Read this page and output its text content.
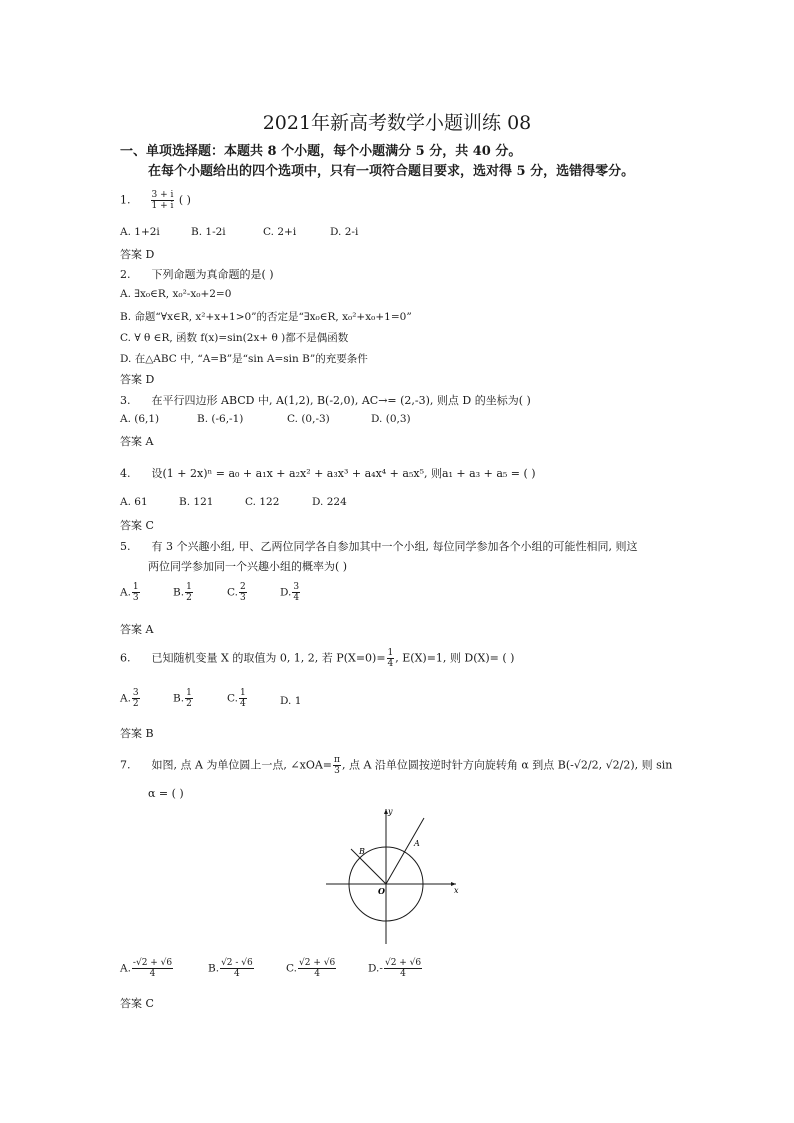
2021年新高考数学小题训练 08
一、单项选择题：本题共 8 个小题，每个小题满分 5 分，共 40 分。
在每个小题给出的四个选项中，只有一项符合题目要求，选对得 5 分，选错得零分。
1. $\frac{3 + i}{1 + i}$ ( )
A. 1+2i	B. 1-2i	C. 2+i	D. 2-i
答案 D
2. 下列命题为真命题的是( )
A. ∃x₀∈R, x₀²-x₀+2=0
B. 命题“∀x∈R, x²+x+1>0”的否定是“∃x₀∈R, x₀²+x₀+1=0”
C. ∀ θ ∈R, 函数 f(x)=sin(2x+ θ )都不是偶函数
D. 在△ABC 中, “A=B”是“sin A=sin B”的充要条件
答案 D
3. 在平行四边形 ABCD 中, A(1,2), B(-2,0), AC→= (2,-3), 则点 D 的坐标为( )
A. (6,1)	B. (-6,-1)	C. (0,-3)	D. (0,3)
答案 A
4. 设(1 + 2x)ⁿ = a₀ + a₁x + a₂x² + a₃x³ + a₄x⁴ + a₅x⁵, 则a₁ + a₃ + a₅ = ( )
A. 61	B. 121	C. 122	D. 224
答案 C
5. 有 3 个兴趣小组, 甲、乙两位同学各自参加其中一个小组, 每位同学参加各个小组的可能性相同, 则这
两位同学参加同一个兴趣小组的概率为( )
A. $\frac{1}{3}$	B. $\frac{1}{2}$	C. $\frac{2}{3}$	D. $\frac{3}{4}$
答案 A
6. 已知随机变量 X 的取值为 0, 1, 2, 若 $P(X=0)= \frac{1}{4}$ , E(X)=1, 则 D(X)= ( )
A. $\frac{3}{2}$	B. $\frac{1}{2}$	C. $\frac{1}{4}$	D. 1
答案 B
7. 如图, 点 A 为单位圆上一点, ∠xOA= $\frac{\pi}{3}$ , 点 A 沿单位圆按逆时针方向旋转角 α 到点 B(-√2/2, √2/2), 则 sin
α = ( )
y
x
O
A
B
A. $\frac{-√2 + √6}{4}$	B. $\frac{√2 - √6}{4}$	C. $\frac{√2 + √6}{4}$	$D.- \frac{√2 + √6}{4}$
答案 C
